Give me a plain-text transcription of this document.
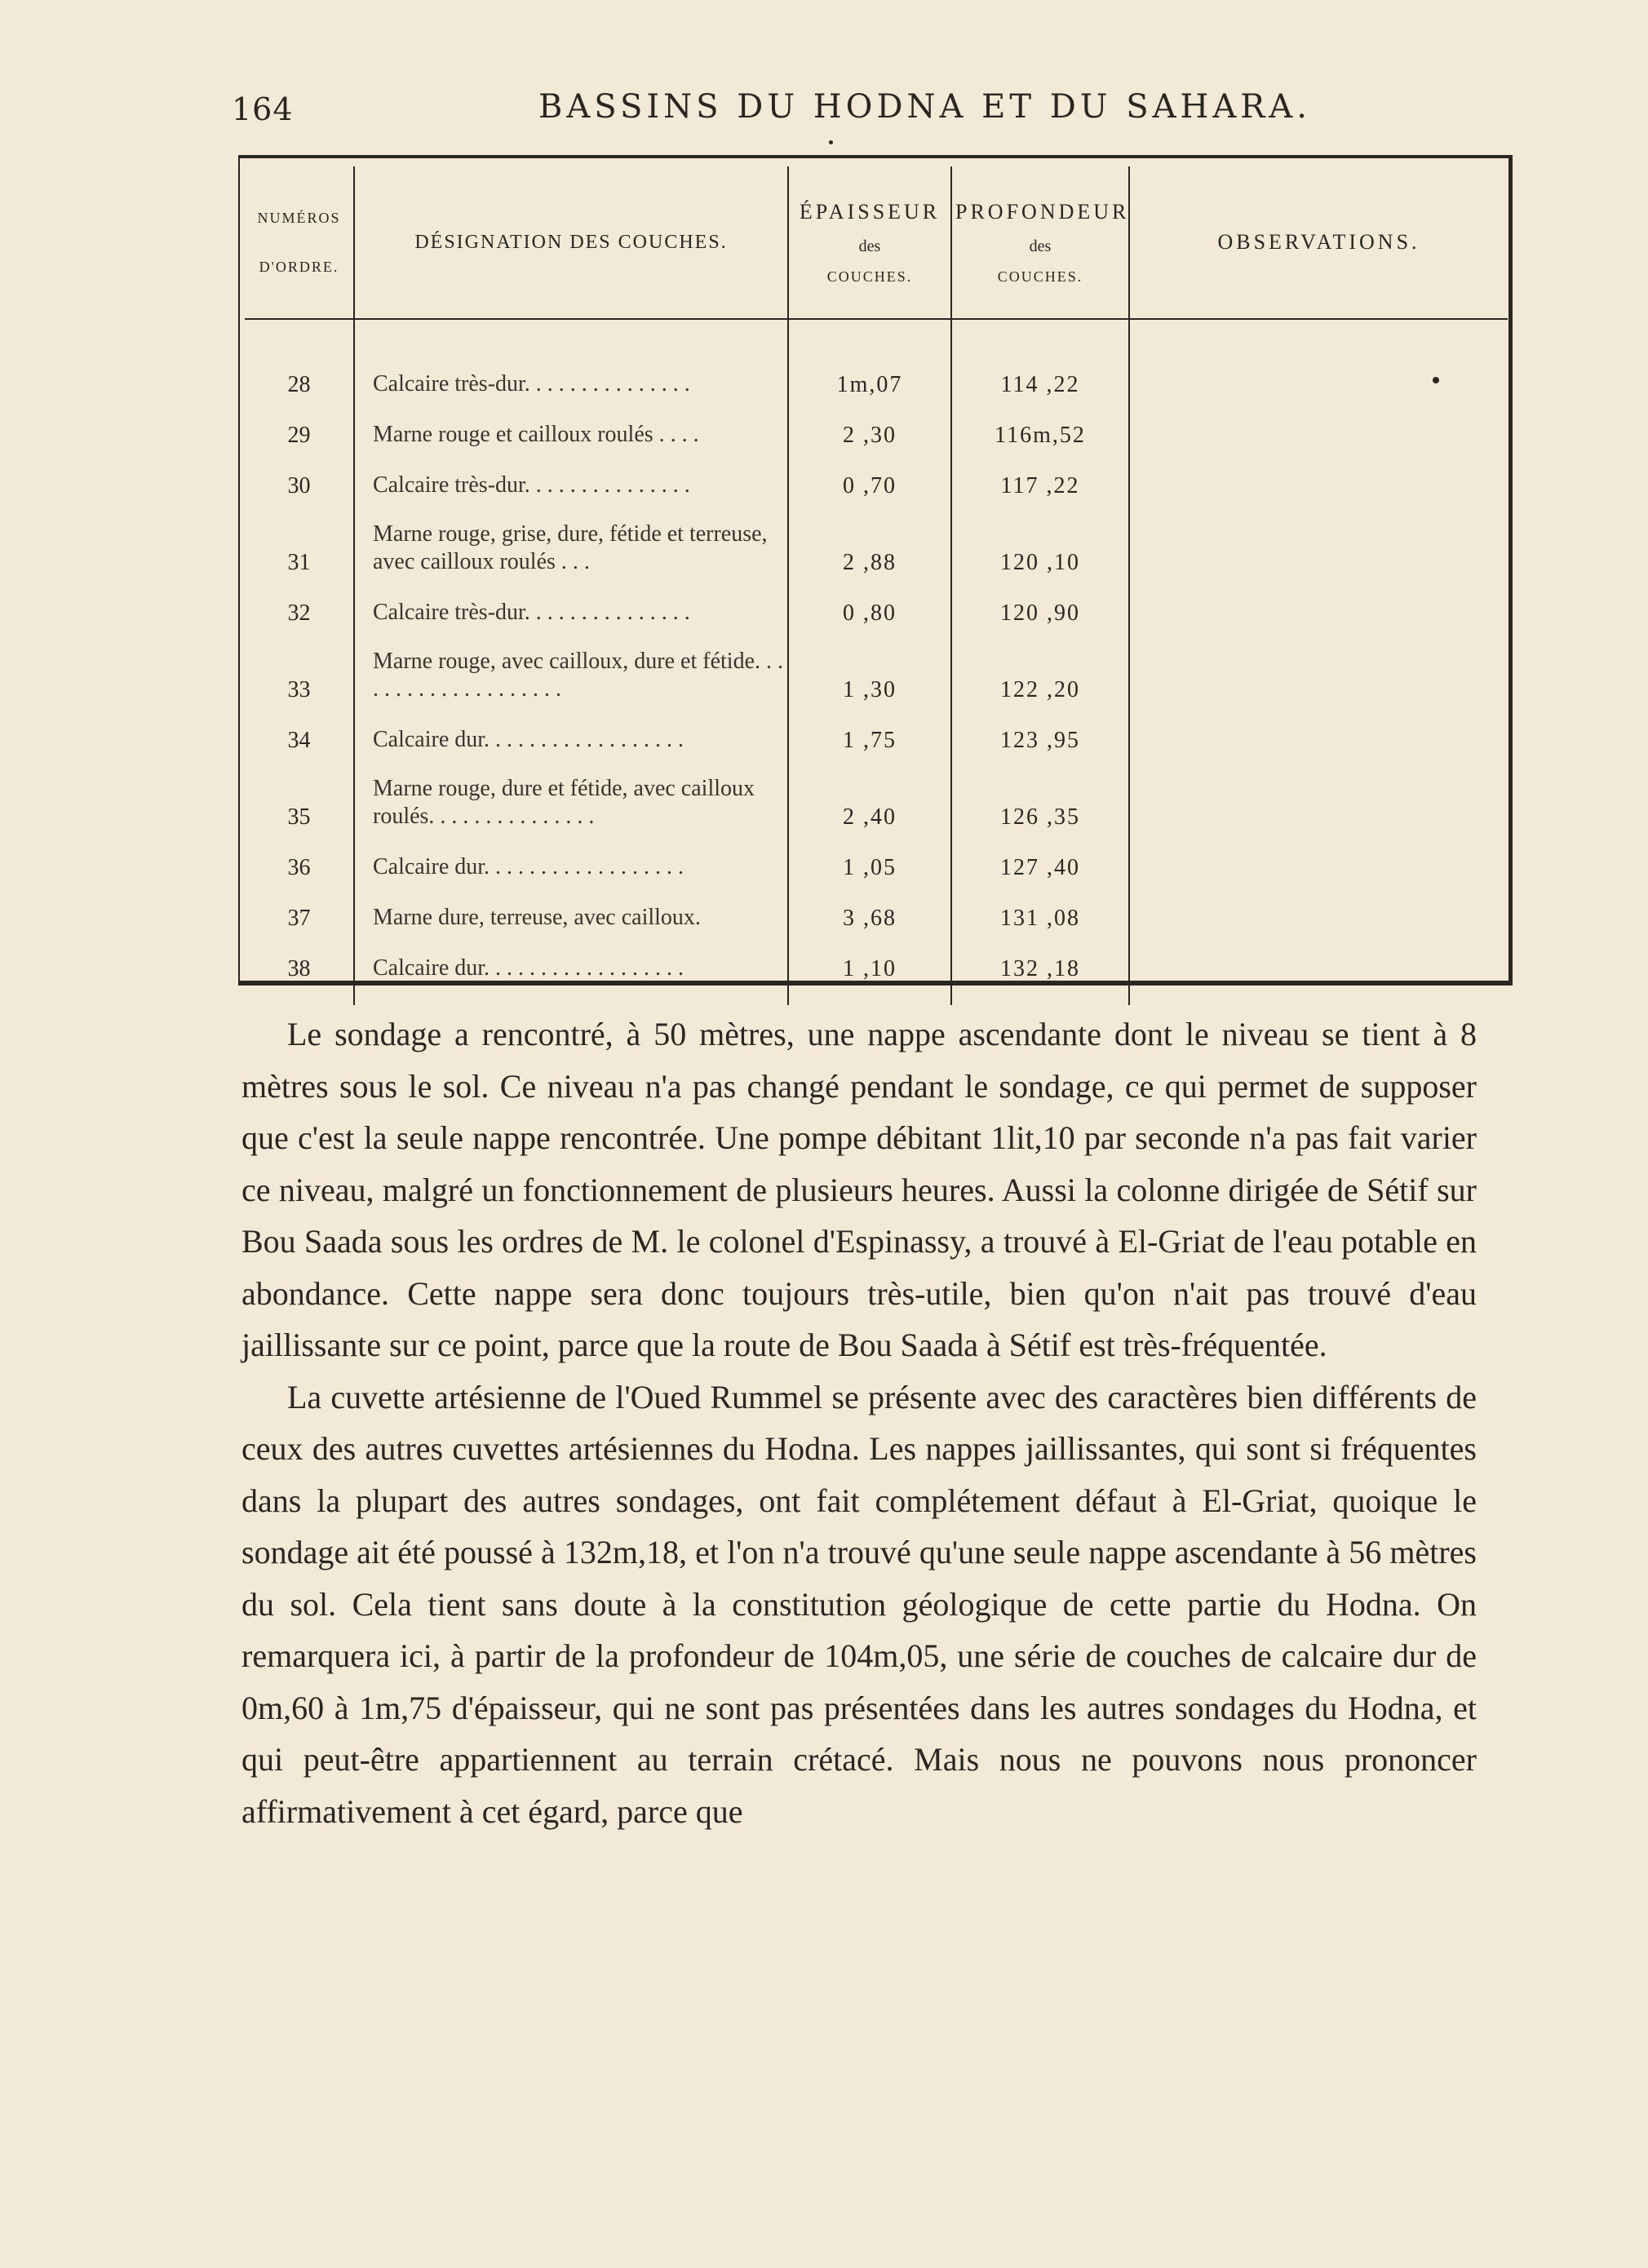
164	BASSINS DU HODNA ET DU SAHARA.
NUMÉROS
D'ORDRE.	DÉSIGNATION DES COUCHES.	ÉPAISSEUR
des
COUCHES.	PROFONDEUR
des
COUCHES.	OBSERVATIONS.

28	Calcaire très-dur. . . . . . . . . . . . . . .	1m,07	114 ,22	
29	Marne rouge et cailloux roulés . . . .	2 ,30	116m,52	
30	Calcaire très-dur. . . . . . . . . . . . . . .	0 ,70	117 ,22	
31	Marne rouge, grise, dure, fétide et terreuse, avec cailloux roulés . . .	2 ,88	120 ,10	
32	Calcaire très-dur. . . . . . . . . . . . . . .	0 ,80	120 ,90	
33	Marne rouge, avec cailloux, dure et fétide. . . . . . . . . . . . . . . . . . . .	1 ,30	122 ,20	
34	Calcaire dur. . . . . . . . . . . . . . . . . .	1 ,75	123 ,95	
35	Marne rouge, dure et fétide, avec cailloux roulés. . . . . . . . . . . . . . .	2 ,40	126 ,35	
36	Calcaire dur. . . . . . . . . . . . . . . . . .	1 ,05	127 ,40	
37	Marne dure, terreuse, avec cailloux.	3 ,68	131 ,08	
38	Calcaire dur. . . . . . . . . . . . . . . . . .	1 ,10	132 ,18	

Le sondage a rencontré, à 50 mètres, une nappe ascendante dont le niveau se tient à 8 mètres sous le sol. Ce niveau n'a pas changé pendant le sondage, ce qui permet de supposer que c'est la seule nappe rencontrée. Une pompe débitant 1lit,10 par seconde n'a pas fait varier ce niveau, malgré un fonctionnement de plusieurs heures. Aussi la colonne dirigée de Sétif sur Bou Saada sous les ordres de M. le colonel d'Espinassy, a trouvé à El-Griat de l'eau potable en abondance. Cette nappe sera donc toujours très-utile, bien qu'on n'ait pas trouvé d'eau jaillissante sur ce point, parce que la route de Bou Saada à Sétif est très-fréquentée.

La cuvette artésienne de l'Oued Rummel se présente avec des caractères bien différents de ceux des autres cuvettes artésiennes du Hodna. Les nappes jaillissantes, qui sont si fréquentes dans la plupart des autres sondages, ont fait complétement défaut à El-Griat, quoique le sondage ait été poussé à 132m,18, et l'on n'a trouvé qu'une seule nappe ascendante à 56 mètres du sol. Cela tient sans doute à la constitution géologique de cette partie du Hodna. On remarquera ici, à partir de la profondeur de 104m,05, une série de couches de calcaire dur de 0m,60 à 1m,75 d'épaisseur, qui ne sont pas présentées dans les autres sondages du Hodna, et qui peut-être appartiennent au terrain crétacé. Mais nous ne pouvons nous prononcer affirmativement à cet égard, parce que
